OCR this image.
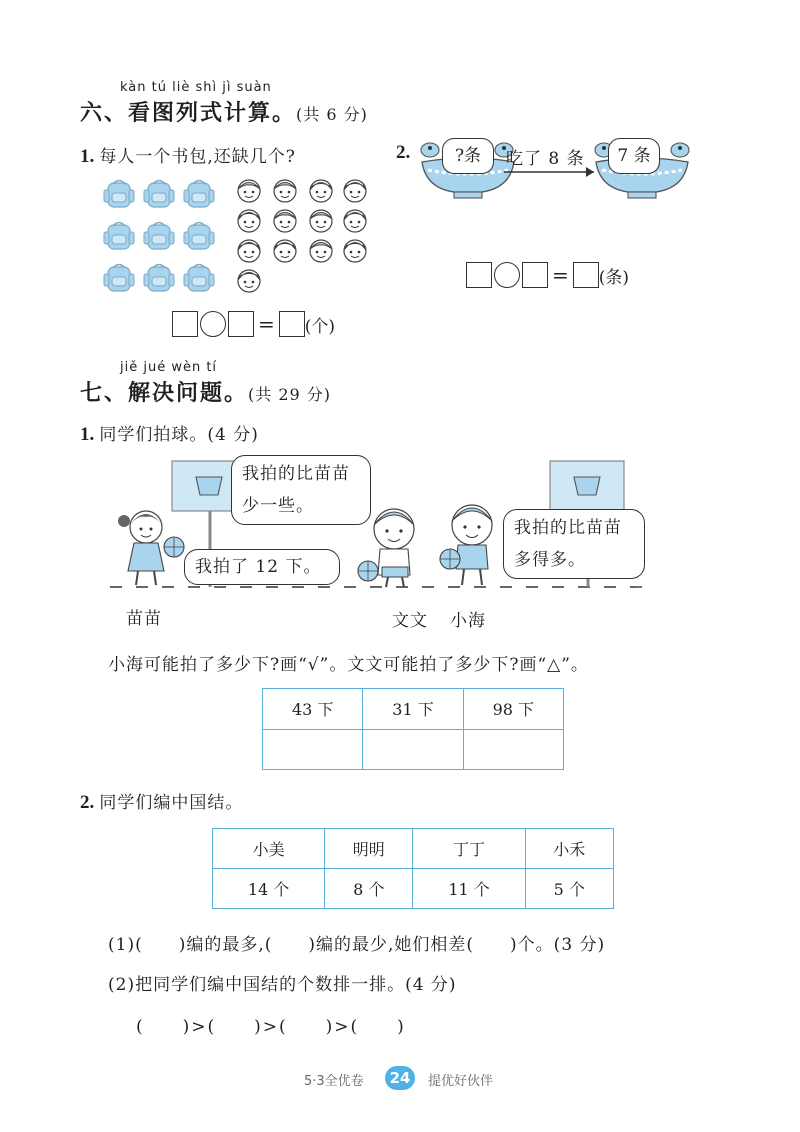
kàn tú liè shì jì suàn
六、看图列式计算。(共 6 分)
1. 每人一个书包,还缺几个?
= (个)
2.	?条	吃了 8 条	7 条
= (条)
jiě jué wèn tí
七、解决问题。(共 29 分)
1. 同学们拍球。(4 分)
我拍的比苗苗
少一些。
我拍了 12 下。
我拍的比苗苗
多得多。
苗苗	文文 小海
小海可能拍了多少下?画“√”。文文可能拍了多少下?画“△”。
43 下	31 下	98 下

2. 同学们编中国结。
小美	明明	丁丁	小禾
14 个	8 个	11 个	5 个
(1)(　　)编的最多,(　　)编的最少,她们相差(　　)个。(3 分)
(2)把同学们编中国结的个数排一排。(4 分)
(　　)>(　　)>(　　)>(　　)
5·3全优卷	24	提优好伙伴
